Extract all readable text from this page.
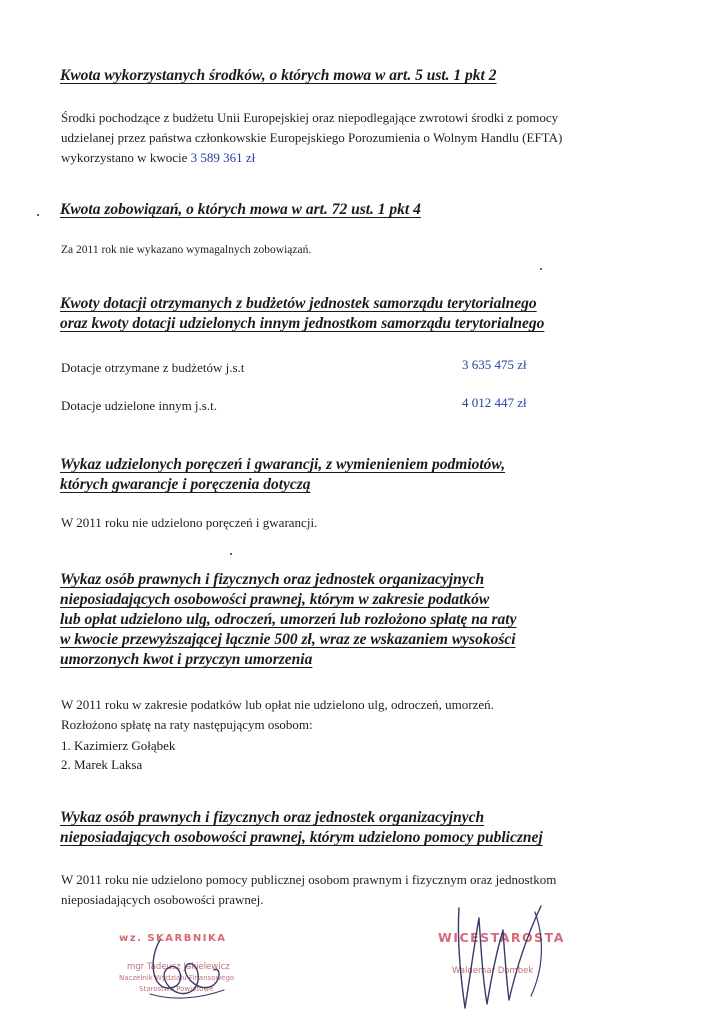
Kwota wykorzystanych środków, o których mowa w art. 5 ust. 1 pkt 2
Środki pochodzące z budżetu Unii Europejskiej oraz niepodlegające zwrotowi środki z pomocy
udzielanej przez państwa członkowskie Europejskiego Porozumienia o Wolnym Handlu (EFTA)
wykorzystano w kwocie 3 589 361 zł
Kwota zobowiązań, o których mowa w art. 72 ust. 1 pkt 4
Za 2011 rok nie wykazano wymagalnych zobowiązań.
Kwoty dotacji otrzymanych z budżetów jednostek samorządu terytorialnego
oraz kwoty dotacji udzielonych innym jednostkom samorządu terytorialnego
Dotacje otrzymane z budżetów j.s.t	3 635 475 zł
Dotacje udzielone innym j.s.t.	4 012 447 zł
Wykaz udzielonych poręczeń i gwarancji, z wymienieniem podmiotów,
których gwarancje i poręczenia dotyczą
W 2011 roku nie udzielono poręczeń i gwarancji.
Wykaz osób prawnych i fizycznych oraz jednostek organizacyjnych
nieposiadających osobowości prawnej, którym w zakresie podatków
lub opłat udzielono ulg, odroczeń, umorzeń lub rozłożono spłatę na raty
w kwocie przewyższającej łącznie 500 zł, wraz ze wskazaniem wysokości
umorzonych kwot i przyczyn umorzenia
W 2011 roku w zakresie podatków lub opłat nie udzielono ulg, odroczeń, umorzeń.
Rozłożono spłatę na raty następującym osobom:
1. Kazimierz Gołąbek
2. Marek Laksa
Wykaz osób prawnych i fizycznych oraz jednostek organizacyjnych
nieposiadających osobowości prawnej, którym udzielono pomocy publicznej
W 2011 roku nie udzielono pomocy publicznej osobom prawnym i fizycznym oraz jednostkom
nieposiadających osobowości prawnej.
wz. SKARBNIKA
mgr Tadeusz Jakielewicz
Naczelnik Wydziału Finansowego
Starostwo Powiatowe
WICESTAROSTA
Waldemar Dombek
